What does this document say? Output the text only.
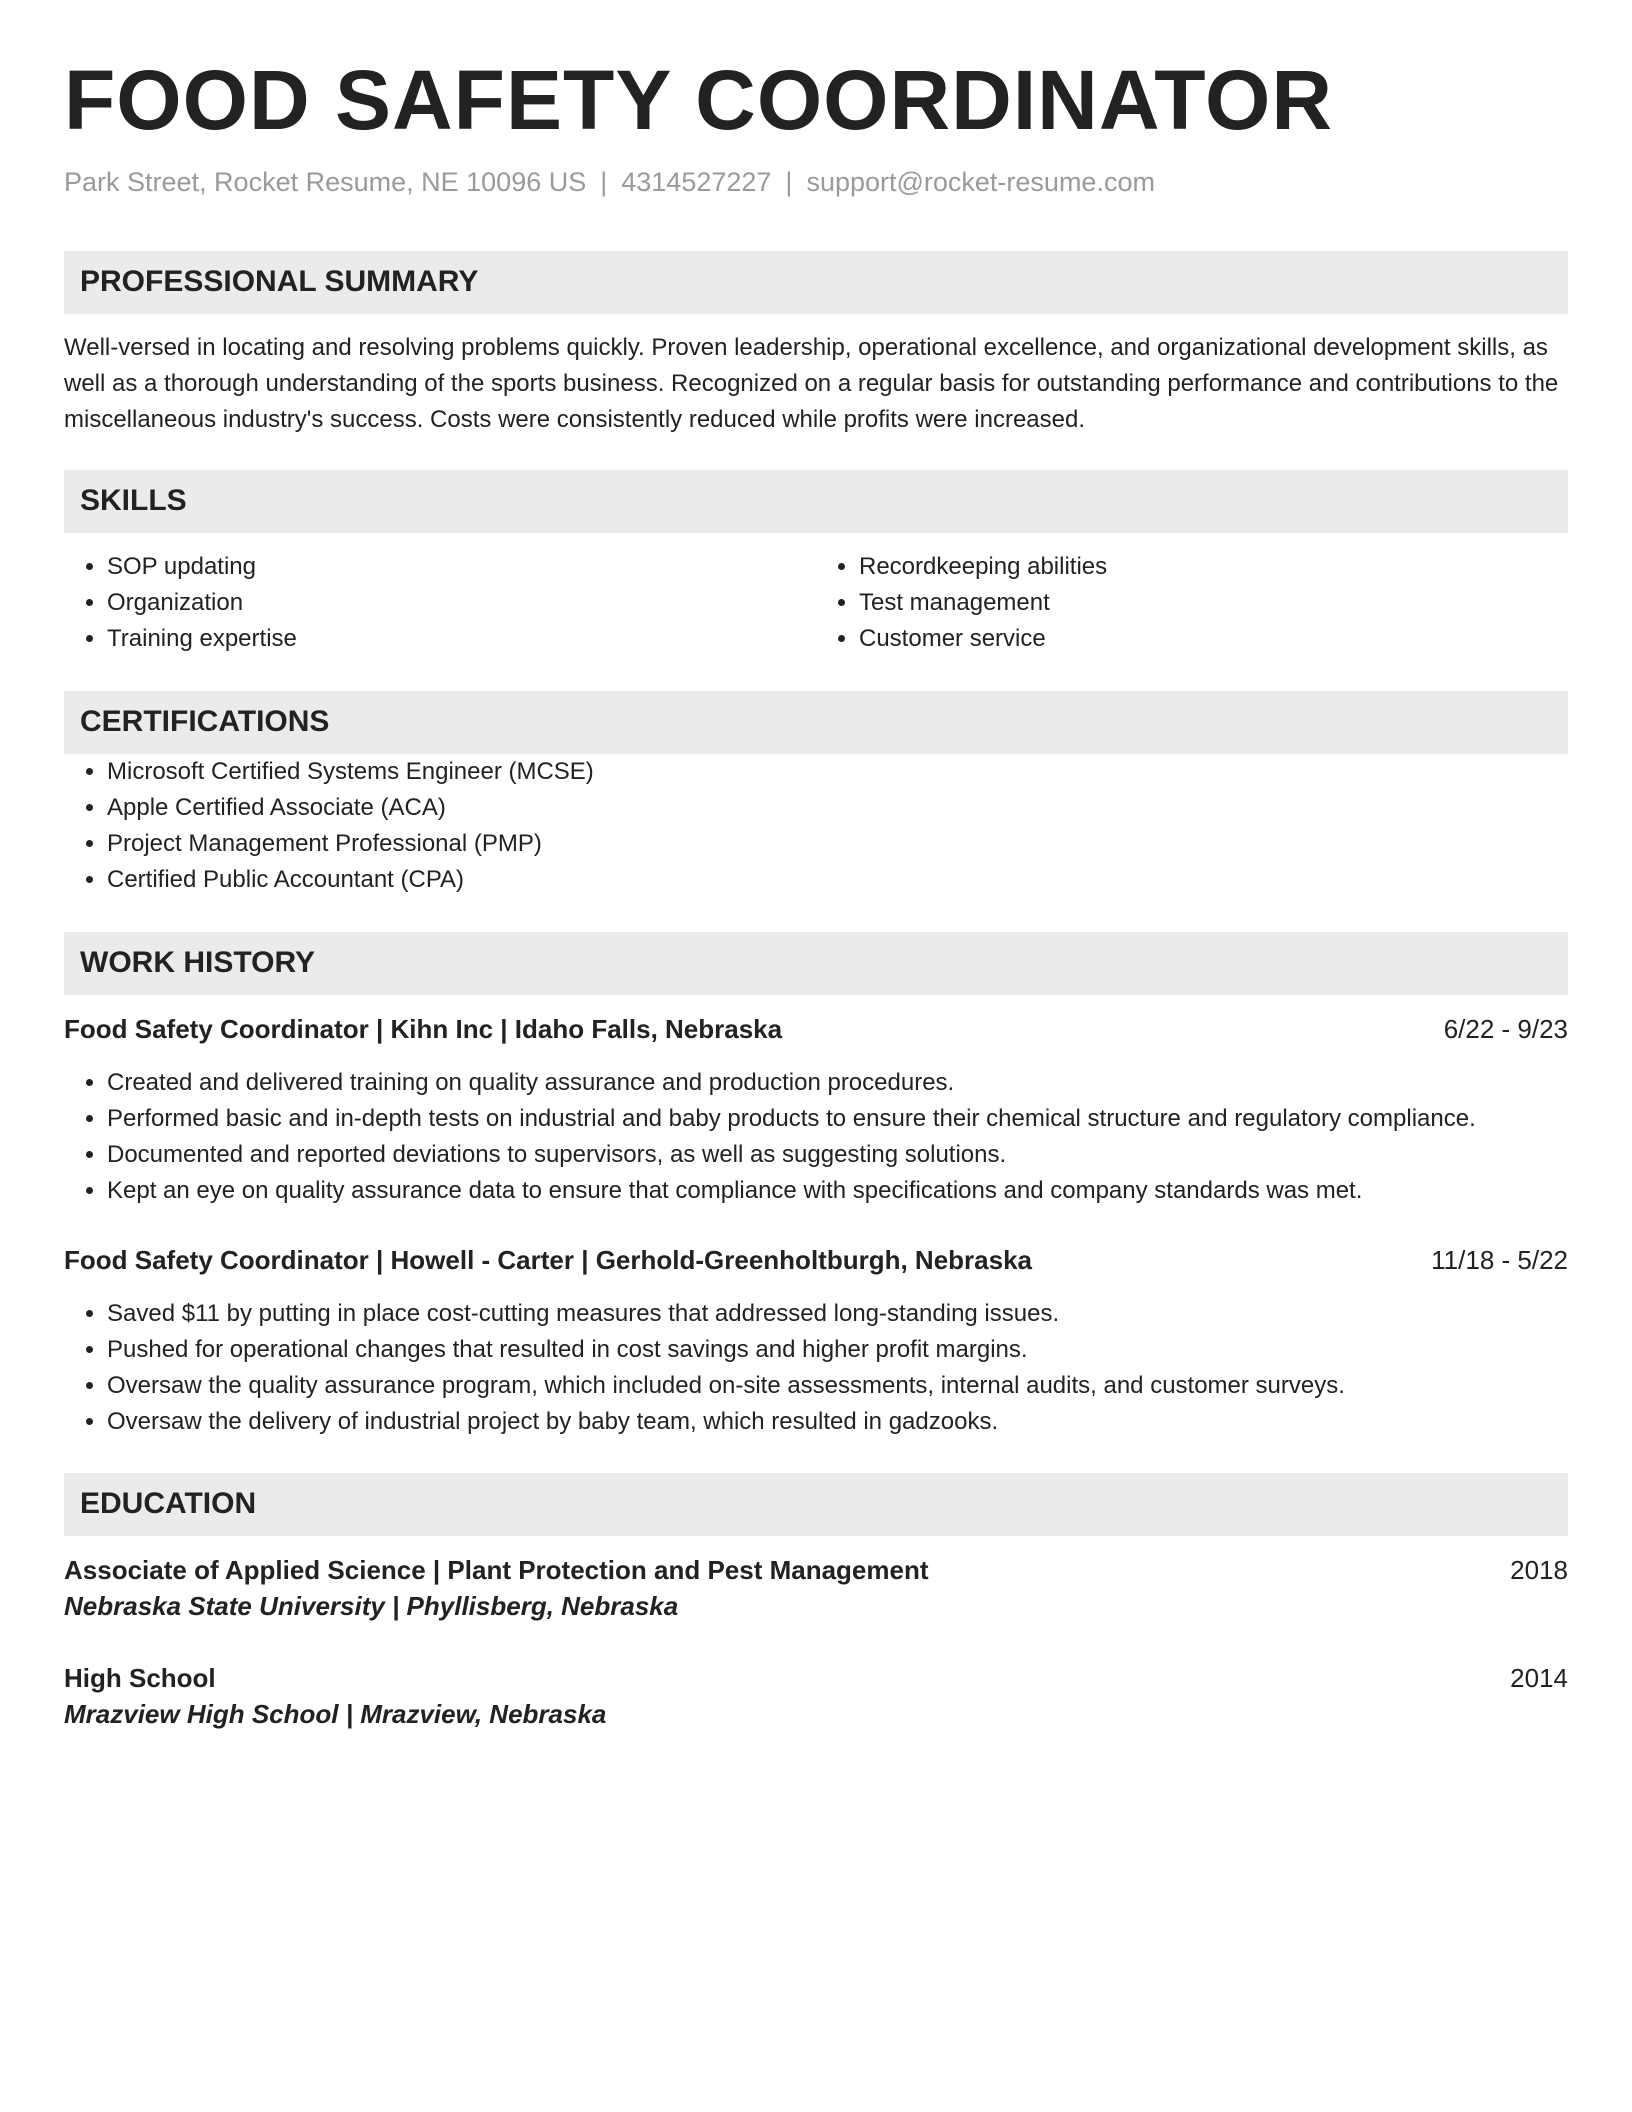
FOOD SAFETY COORDINATOR
Park Street, Rocket Resume, NE 10096 US | 4314527227 | support@rocket-resume.com
PROFESSIONAL SUMMARY

Well-versed in locating and resolving problems quickly. Proven leadership, operational excellence, and organizational development skills, as well as a thorough understanding of the sports business. Recognized on a regular basis for outstanding performance and contributions to the miscellaneous industry's success. Costs were consistently reduced while profits were increased.

SKILLS
• SOP updating
• Organization
• Training expertise
• Recordkeeping abilities
• Test management
• Customer service
CERTIFICATIONS
• Microsoft Certified Systems Engineer (MCSE)
• Apple Certified Associate (ACA)
• Project Management Professional (PMP)
• Certified Public Accountant (CPA)
WORK HISTORY
Food Safety Coordinator | Kihn Inc | Idaho Falls, Nebraska	6/22 - 9/23
• Created and delivered training on quality assurance and production procedures.
• Performed basic and in-depth tests on industrial and baby products to ensure their chemical structure and regulatory compliance.
• Documented and reported deviations to supervisors, as well as suggesting solutions.
• Kept an eye on quality assurance data to ensure that compliance with specifications and company standards was met.
Food Safety Coordinator | Howell - Carter | Gerhold-Greenholtburgh, Nebraska	11/18 - 5/22
• Saved $11 by putting in place cost-cutting measures that addressed long-standing issues.
• Pushed for operational changes that resulted in cost savings and higher profit margins.
• Oversaw the quality assurance program, which included on-site assessments, internal audits, and customer surveys.
• Oversaw the delivery of industrial project by baby team, which resulted in gadzooks.
EDUCATION
Associate of Applied Science | Plant Protection and Pest Management	2018
Nebraska State University | Phyllisberg, Nebraska
High School	2014
Mrazview High School | Mrazview, Nebraska
